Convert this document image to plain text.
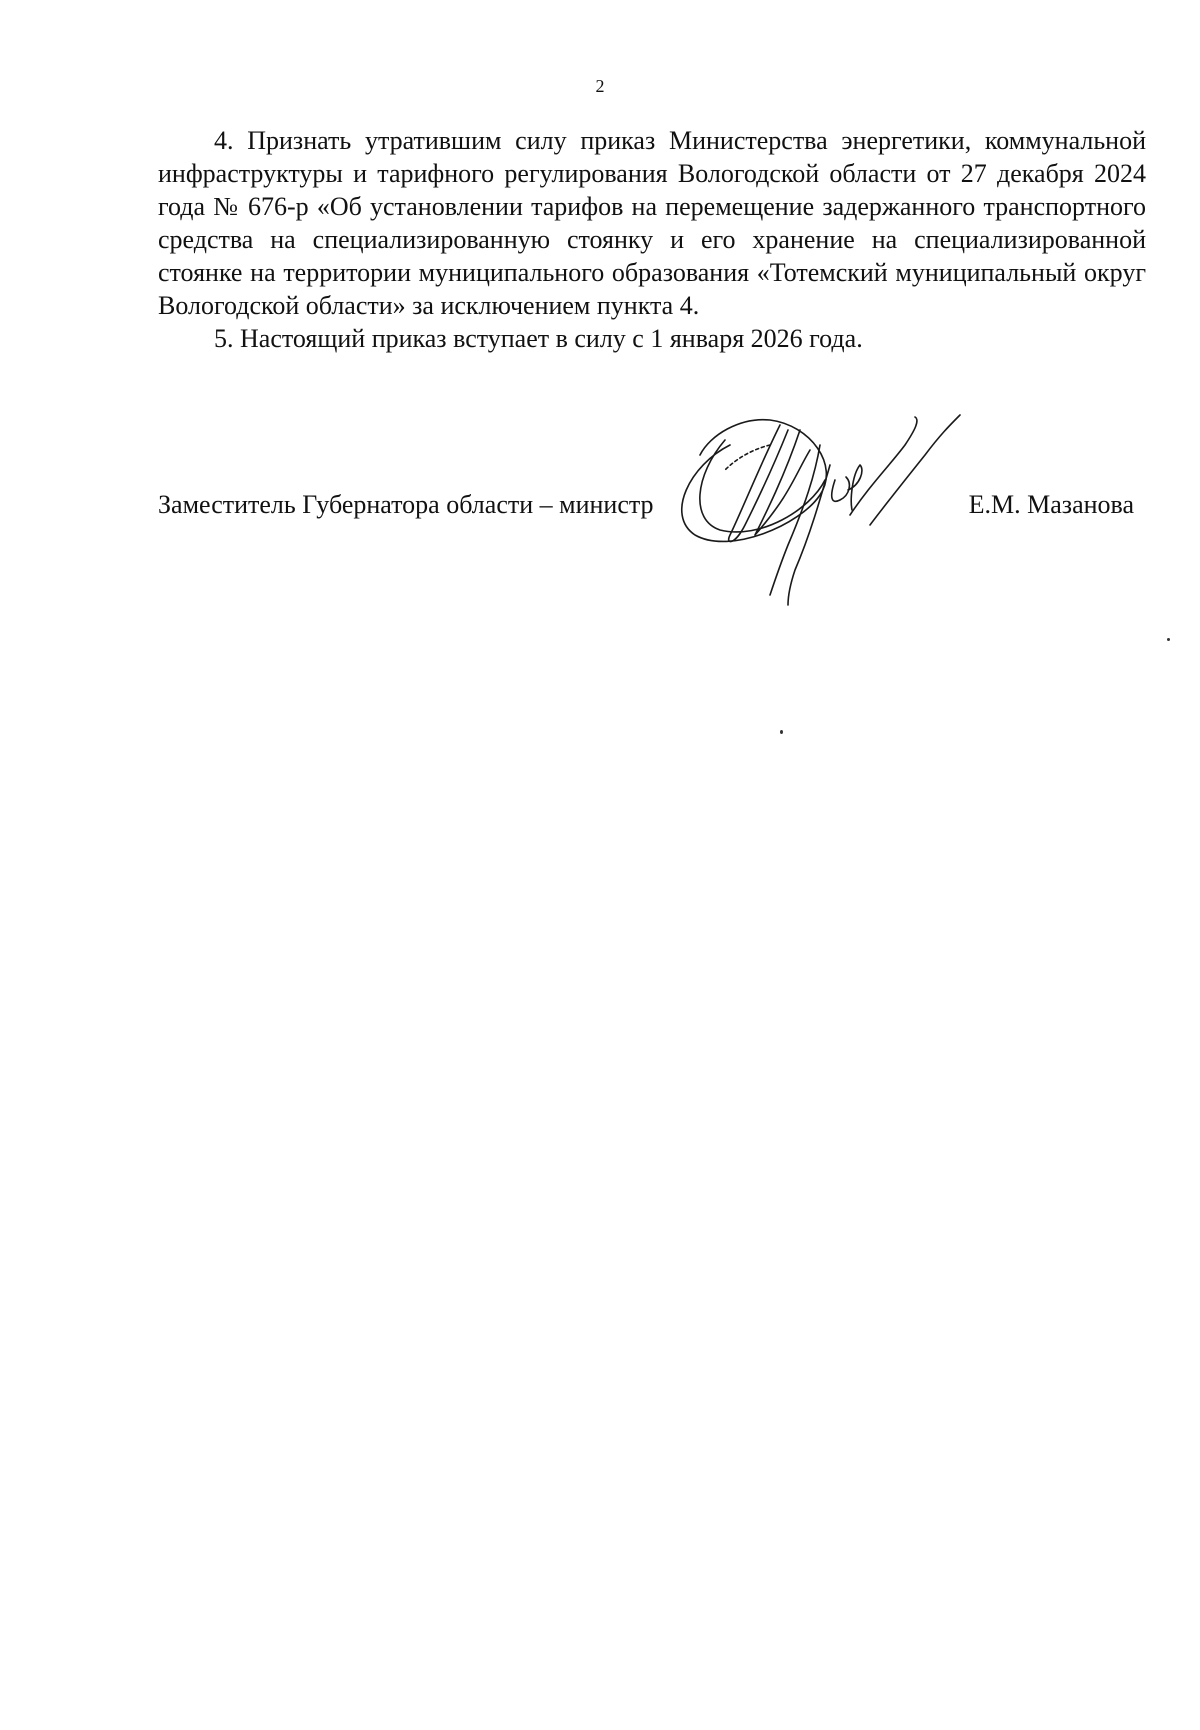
2

4. Признать утратившим силу приказ Министерства энергетики, коммунальной инфраструктуры и тарифного регулирования Вологодской области от 27 декабря 2024 года № 676-р «Об установлении тарифов на перемещение задержанного транспортного средства на специализированную стоянку и его хранение на специализированной стоянке на территории муниципального образования «Тотемский муниципальный округ Вологодской области» за исключением пункта 4.

5. Настоящий приказ вступает в силу с 1 января 2026 года.

Заместитель Губернатора области – министр	Е.М. Мазанова
